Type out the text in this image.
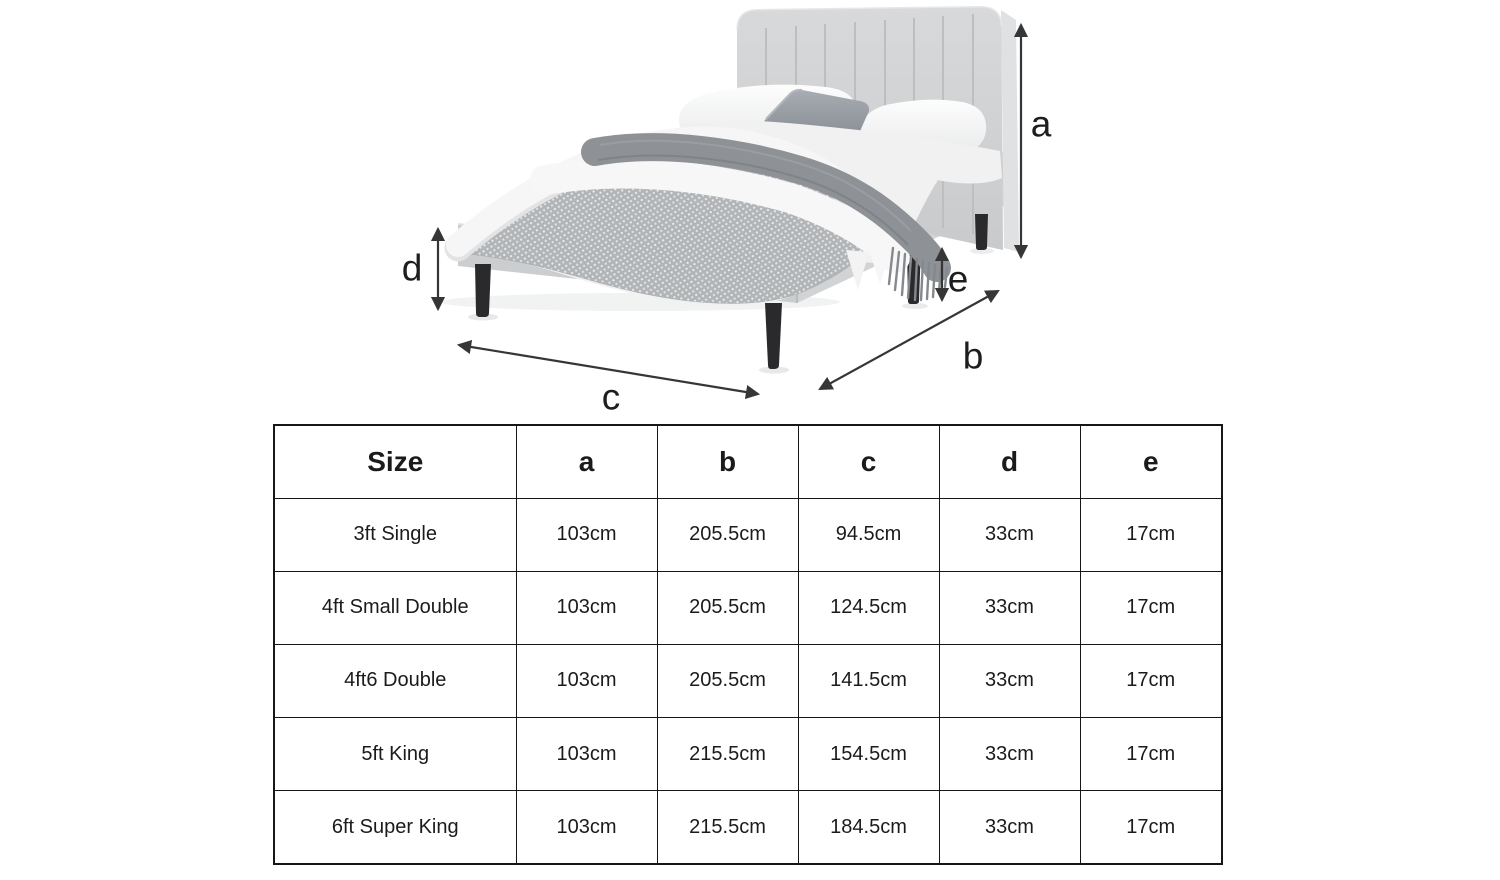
a
b
c
d	e
Size	a	b	c	d	e
3ft Single	103cm	205.5cm	94.5cm	33cm	17cm
4ft Small Double	103cm	205.5cm	124.5cm	33cm	17cm
4ft6 Double	103cm	205.5cm	141.5cm	33cm	17cm
5ft King	103cm	215.5cm	154.5cm	33cm	17cm
6ft Super King	103cm	215.5cm	184.5cm	33cm	17cm
